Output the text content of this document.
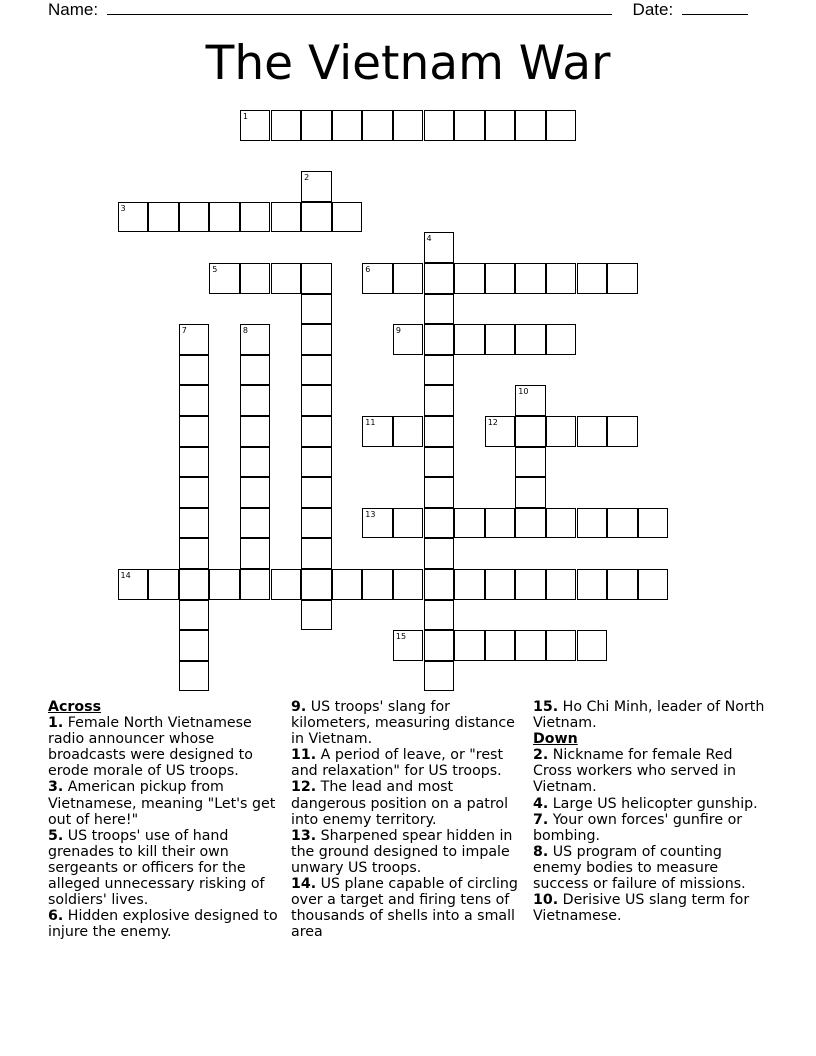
Name:	Date:
The Vietnam War
1
2
3
4
5	6
7	8	9
10
11	12
13
14
15

Across

1. Female North Vietnamese radio announcer whose broadcasts were designed to erode morale of US troops.

3. American pickup from Vietnamese, meaning "Let's get out of here!"

5. US troops' use of hand grenades to kill their own sergeants or officers for the alleged unnecessary risking of soldiers' lives.

6. Hidden explosive designed to injure the enemy.

9. US troops' slang for kilometers, measuring distance in Vietnam.

11. A period of leave, or "rest and relaxation" for US troops.

12. The lead and most dangerous position on a patrol into enemy territory.

13. Sharpened spear hidden in the ground designed to impale unwary US troops.

14. US plane capable of circling over a target and firing tens of thousands of shells into a small area

15. Ho Chi Minh, leader of North Vietnam.

Down

2. Nickname for female Red Cross workers who served in Vietnam.

4. Large US helicopter gunship.

7. Your own forces' gunfire or bombing.

8. US program of counting enemy bodies to measure success or failure of missions.

10. Derisive US slang term for Vietnamese.
